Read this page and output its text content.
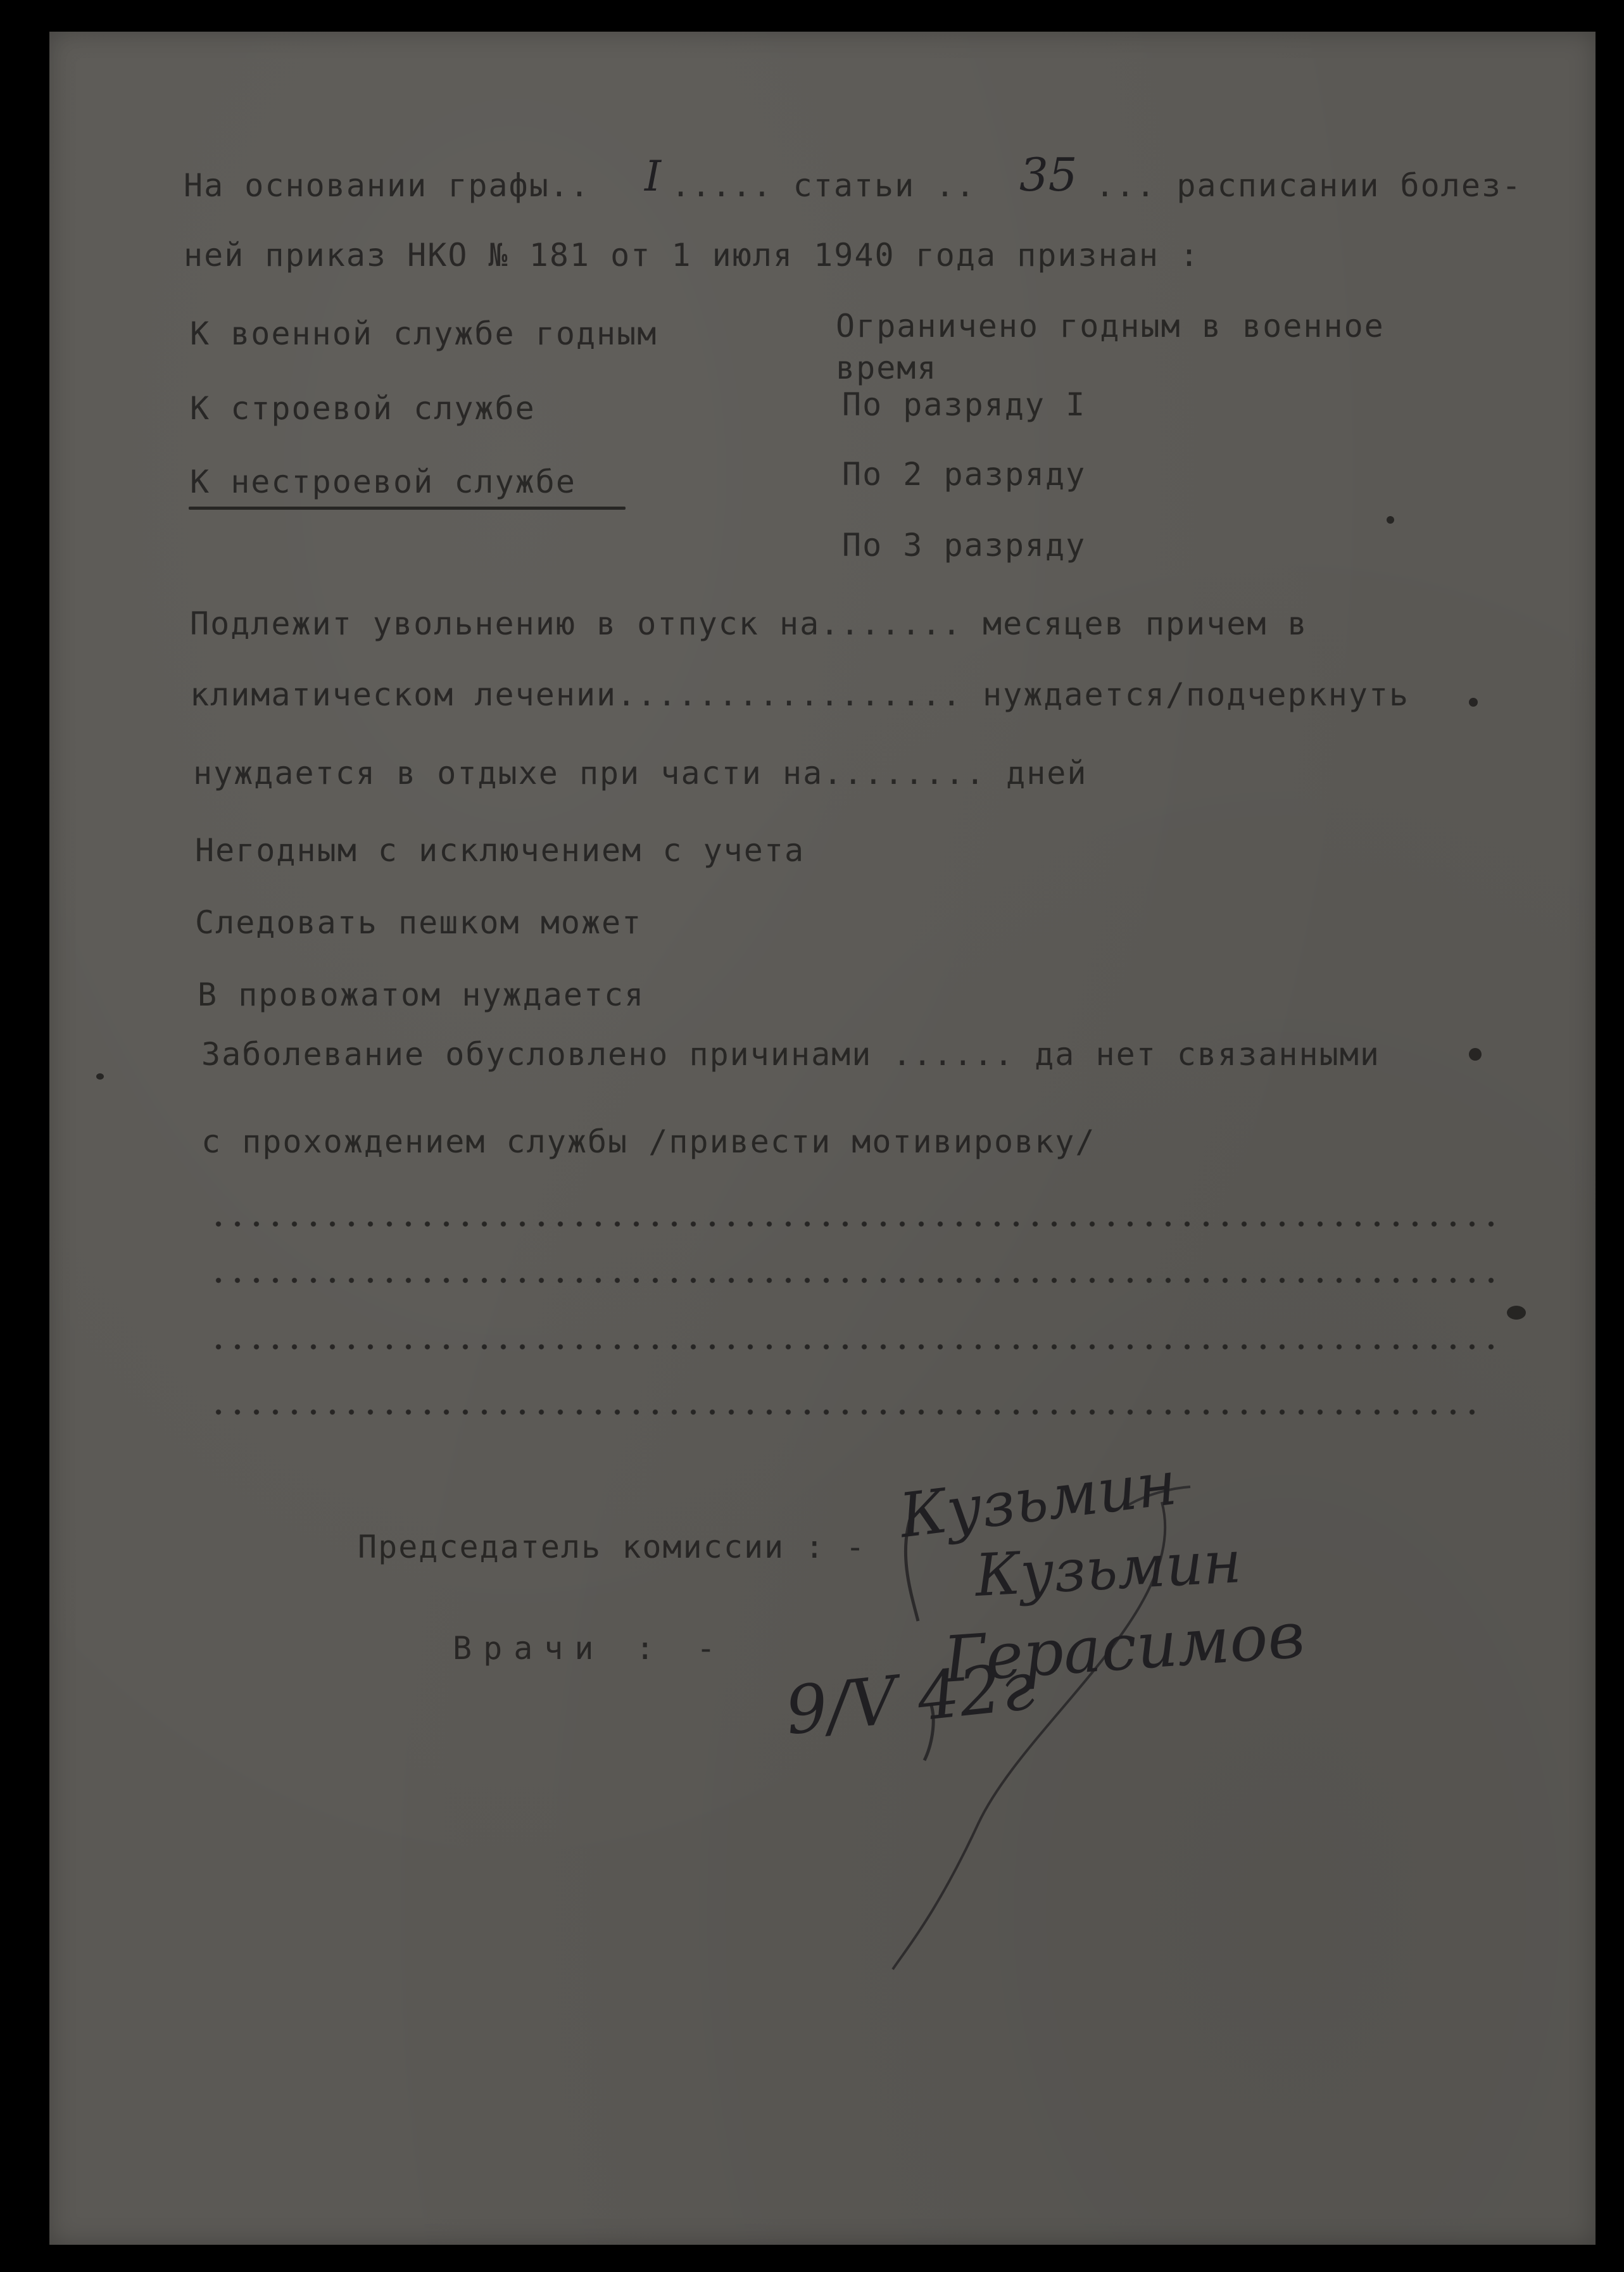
На основании графы.. I ..... статьи .. 35 ... расписании болез-
ней приказ НКО № 181 от 1 июля 1940 года признан :
К военной службе годным
К строевой службе
К нестроевой службе
Ограничено годным в военное
время
По разряду I
По 2 разряду
По 3 разряду
Подлежит увольнению в отпуск на....... месяцев причем в
климатическом лечении................. нуждается/подчеркнуть
нуждается в отдыхе при части на........ дней
Негодным с исключением с учета
Следовать пешком может
В провожатом нуждается
Заболевание обусловлено причинами ...... да нет связанными
с прохождением службы /привести мотивировку/
Председатель комиссии : -
Врачи : -
Кузьмин
Кузьмин
Герасимов
9/V 42г
